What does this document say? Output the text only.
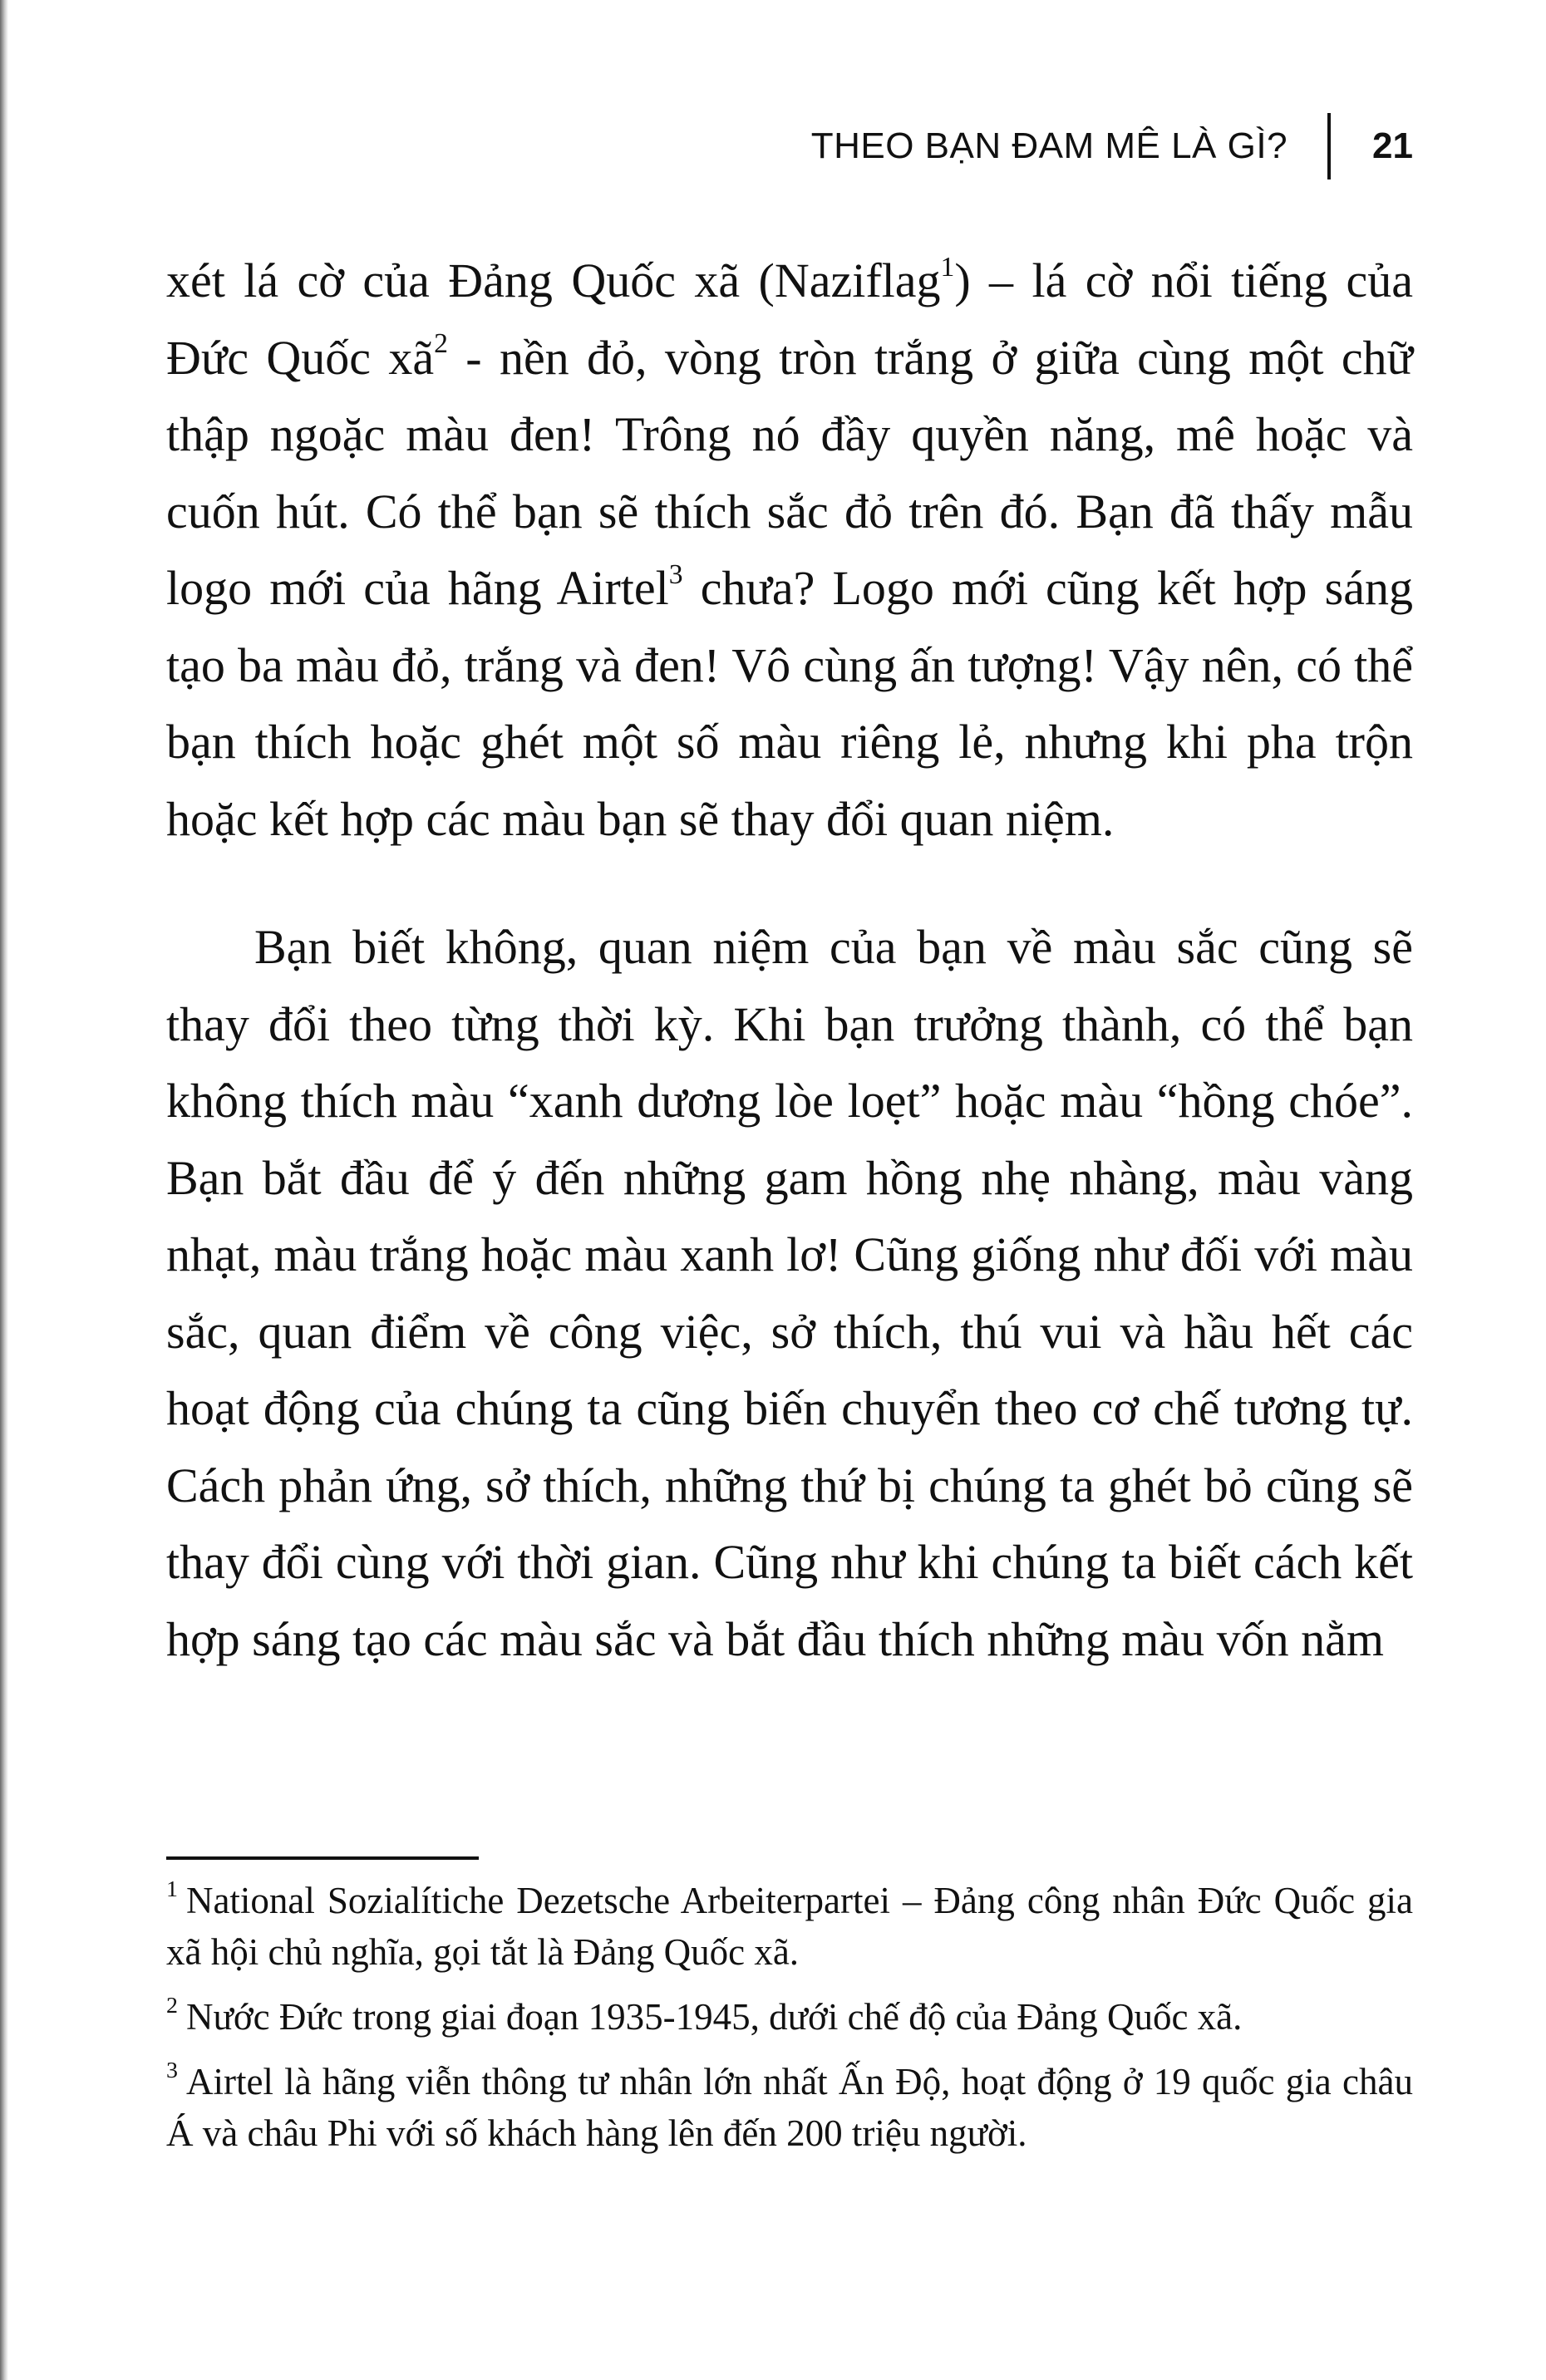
THEO BẠN ĐAM MÊ LÀ GÌ? 21

xét lá cờ của Đảng Quốc xã (Naziflag$^1$) – lá cờ nổi tiếng của Đức Quốc $xã^2$ - nền đỏ, vòng tròn trắng ở giữa cùng một chữ thập ngoặc màu đen! Trông nó đầy quyền năng, mê hoặc và cuốn hút. Có thể bạn sẽ thích sắc đỏ trên đó. Bạn đã thấy mẫu logo mới của hãng Airtel$^3$ chưa? Logo mới cũng kết hợp sáng tạo ba màu đỏ, trắng và đen! Vô cùng ấn tượng! Vậy nên, có thể bạn thích hoặc ghét một số màu riêng lẻ, nhưng khi pha trộn hoặc kết hợp các màu bạn sẽ thay đổi quan niệm.

Bạn biết không, quan niệm của bạn về màu sắc cũng sẽ thay đổi theo từng thời kỳ. Khi bạn trưởng thành, có thể bạn không thích màu “xanh dương lòe loẹt” hoặc màu “hồng chóe”. Bạn bắt đầu để ý đến những gam hồng nhẹ nhàng, màu vàng nhạt, màu trắng hoặc màu xanh lơ! Cũng giống như đối với màu sắc, quan điểm về công việc, sở thích, thú vui và hầu hết các hoạt động của chúng ta cũng biến chuyển theo cơ chế tương tự. Cách phản ứng, sở thích, những thứ bị chúng ta ghét bỏ cũng sẽ thay đổi cùng với thời gian. Cũng như khi chúng ta biết cách kết hợp sáng tạo các màu sắc và bắt đầu thích những màu vốn nằm

$^1$ National Sozialítiche Dezetsche Arbeiterpartei – Đảng công nhân Đức Quốc gia xã hội chủ nghĩa, gọi tắt là Đảng Quốc xã.

$^2$ Nước Đức trong giai đoạn 1935-1945, dưới chế độ của Đảng Quốc xã.

$^3$ Airtel là hãng viễn thông tư nhân lớn nhất Ấn Độ, hoạt động ở 19 quốc gia châu Á và châu Phi với số khách hàng lên đến 200 triệu người.
